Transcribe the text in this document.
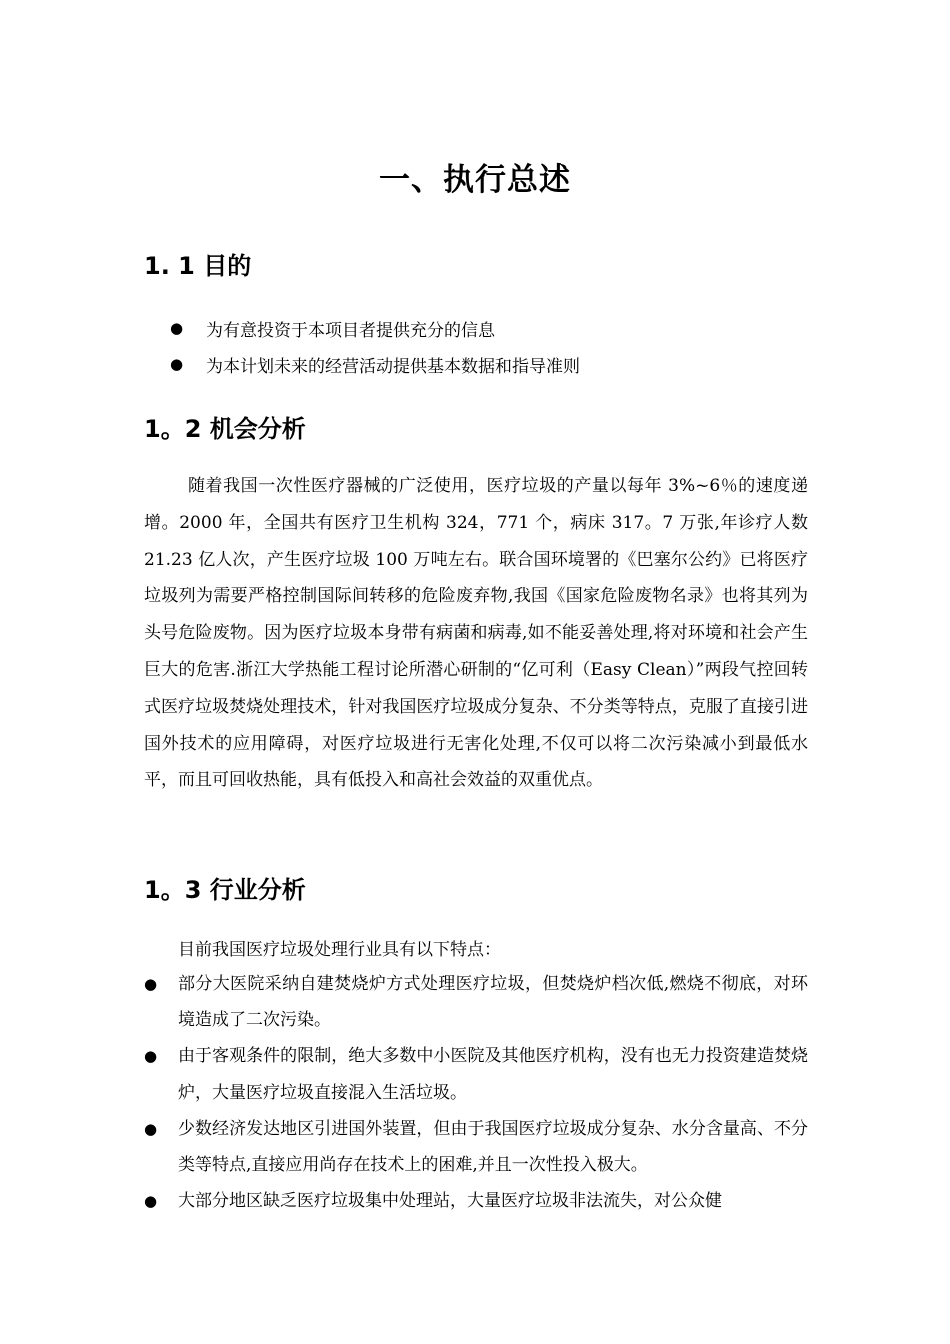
一、执行总述
1. 1 目的
●	为有意投资于本项目者提供充分的信息
●	为本计划未来的经营活动提供基本数据和指导准则
1。2 机会分析
随着我国一次性医疗器械的广泛使用，医疗垃圾的产量以每年 3%~6％的速度递增。2000 年，全国共有医疗卫生机构 324，771 个，病床 317。7 万张,年诊疗人数 21.23 亿人次，产生医疗垃圾 100 万吨左右。联合国环境署的《巴塞尔公约》已将医疗垃圾列为需要严格控制国际间转移的危险废弃物,我国《国家危险废物名录》也将其列为头号危险废物。因为医疗垃圾本身带有病菌和病毒,如不能妥善处理,将对环境和社会产生巨大的危害.浙江大学热能工程讨论所潜心研制的“亿可利（Easy Clean）”两段气控回转式医疗垃圾焚烧处理技术，针对我国医疗垃圾成分复杂、不分类等特点，克服了直接引进国外技术的应用障碍，对医疗垃圾进行无害化处理,不仅可以将二次污染减小到最低水平，而且可回收热能，具有低投入和高社会效益的双重优点。
1。3 行业分析
目前我国医疗垃圾处理行业具有以下特点：
●	部分大医院采纳自建焚烧炉方式处理医疗垃圾，但焚烧炉档次低,燃烧不彻底，对环境造成了二次污染。
●	由于客观条件的限制，绝大多数中小医院及其他医疗机构，没有也无力投资建造焚烧炉，大量医疗垃圾直接混入生活垃圾。
●	少数经济发达地区引进国外装置，但由于我国医疗垃圾成分复杂、水分含量高、不分类等特点,直接应用尚存在技术上的困难,并且一次性投入极大。
●	大部分地区缺乏医疗垃圾集中处理站，大量医疗垃圾非法流失，对公众健
